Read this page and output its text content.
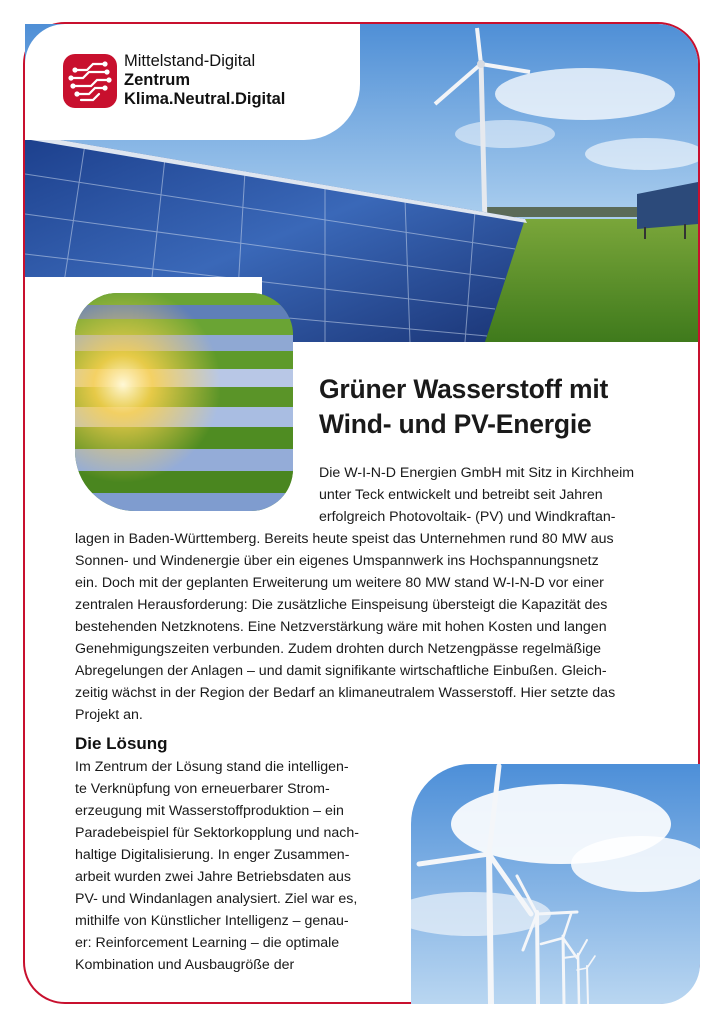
Mittelstand-Digital
Zentrum
Klima.Neutral.Digital
Grüner Wasserstoff mit
Wind- und PV-Energie
Die W-I-N-D Energien GmbH mit Sitz in Kirchheim
unter Teck entwickelt und betreibt seit Jahren
erfolgreich Photovoltaik- (PV) und Windkraftan-
lagen in Baden-Württemberg. Bereits heute speist das Unternehmen rund 80 MW aus
Sonnen- und Windenergie über ein eigenes Umspannwerk ins Hochspannungsnetz
ein. Doch mit der geplanten Erweiterung um weitere 80 MW stand W-I-N-D vor einer
zentralen Herausforderung: Die zusätzliche Einspeisung übersteigt die Kapazität des
bestehenden Netzknotens. Eine Netzverstärkung wäre mit hohen Kosten und langen
Genehmigungszeiten verbunden. Zudem drohten durch Netzengpässe regelmäßige
Abregelungen der Anlagen – und damit signifikante wirtschaftliche Einbußen. Gleich-
zeitig wächst in der Region der Bedarf an klimaneutralem Wasserstoff. Hier setzte das
Projekt an.
Die Lösung
Im Zentrum der Lösung stand die intelligen-
te Verknüpfung von erneuerbarer Strom-
erzeugung mit Wasserstoffproduktion – ein
Paradebeispiel für Sektorkopplung und nach-
haltige Digitalisierung. In enger Zusammen-
arbeit wurden zwei Jahre Betriebsdaten aus
PV- und Windanlagen analysiert. Ziel war es,
mithilfe von Künstlicher Intelligenz – genau-
er: Reinforcement Learning – die optimale
Kombination und Ausbaugröße der
